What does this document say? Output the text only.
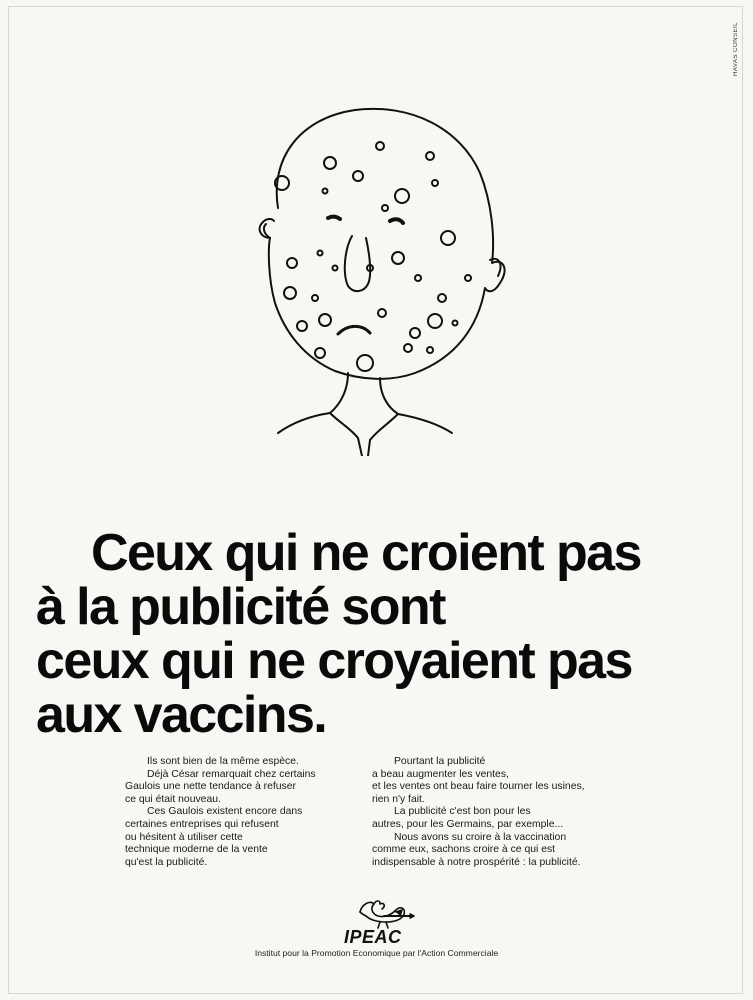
HAVAS CONSEIL
Ceux qui ne croient pas
à la publicité sont
ceux qui ne croyaient pas
aux vaccins.

Ils sont bien de la même espèce.

Déjà César remarquait chez certains

Gaulois une nette tendance à refuser

ce qui était nouveau.

Ces Gaulois existent encore dans

certaines entreprises qui refusent

ou hésitent à utiliser cette

technique moderne de la vente

qu'est la publicité.

Pourtant la publicité

a beau augmenter les ventes,

et les ventes ont beau faire tourner les usines,

rien n'y fait.

La publicité c'est bon pour les

autres, pour les Germains, par exemple...

Nous avons su croire à la vaccination

comme eux, sachons croire à ce qui est

indispensable à notre prospérité : la publicité.

IPEAC
Institut pour la Promotion Economique par l'Action Commerciale
